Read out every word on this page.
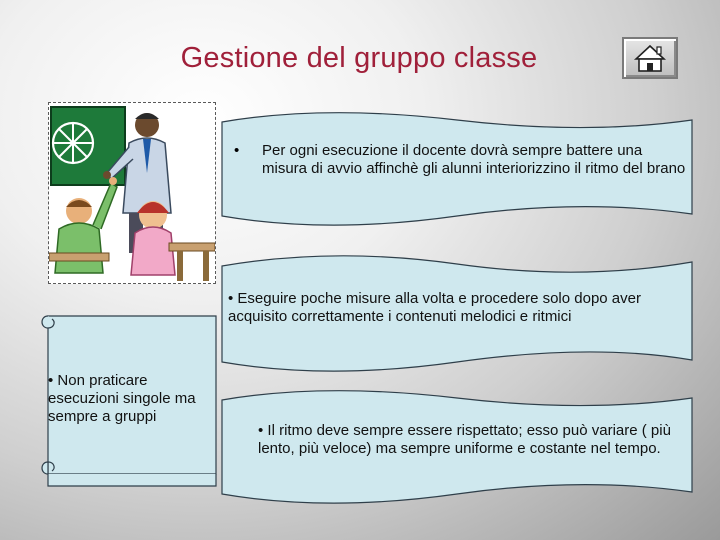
Gestione del gruppo classe
• Per ogni esecuzione il docente dovrà sempre battere una misura di avvio affinchè gli alunni interiorizzino il ritmo del brano
• Eseguire poche misure alla volta e procedere solo dopo aver acquisito correttamente i contenuti melodici e ritmici
• Non praticare esecuzioni singole ma sempre a gruppi
• Il ritmo deve sempre essere rispettato; esso può variare ( più lento, più veloce) ma sempre uniforme e costante nel tempo.
